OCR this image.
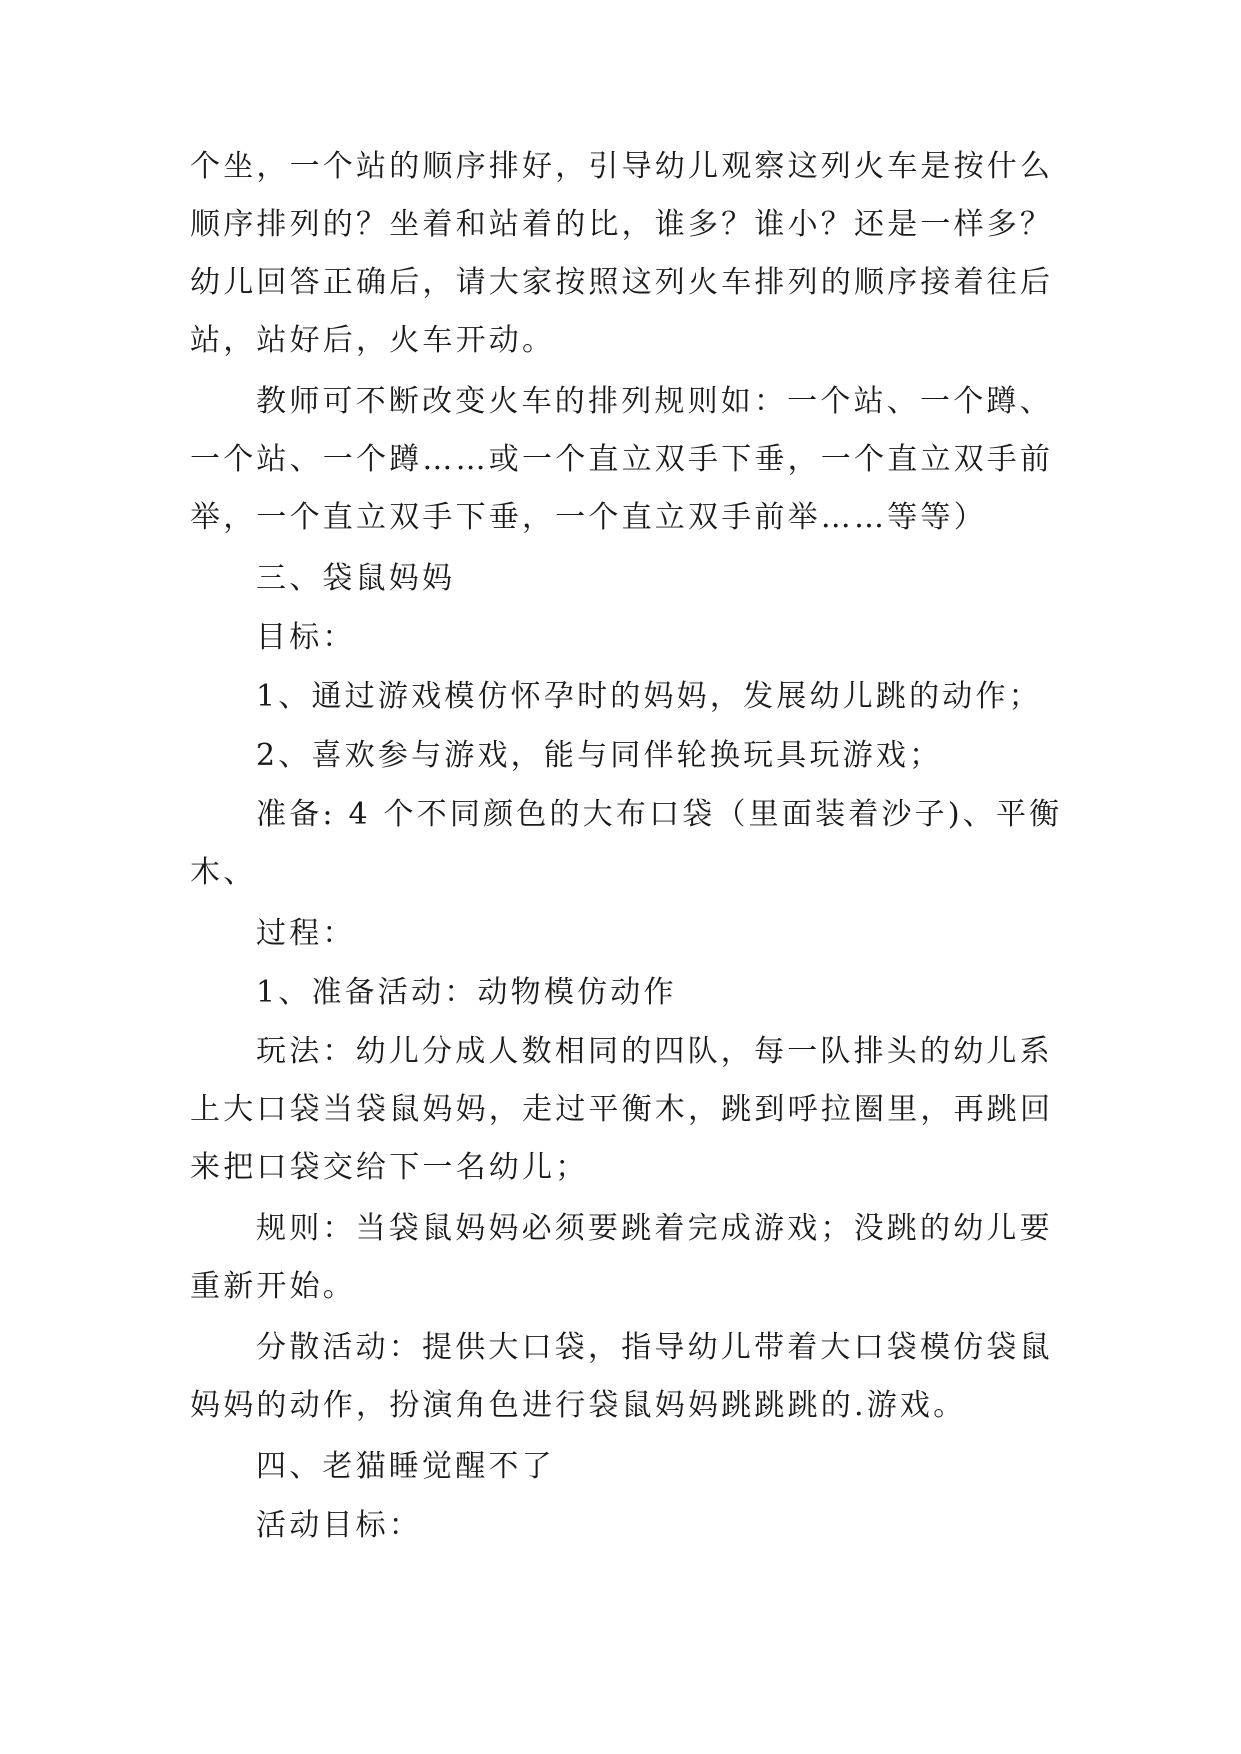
个坐，一个站的顺序排好，引导幼儿观察这列火车是按什么
顺序排列的？坐着和站着的比，谁多？谁小？还是一样多？
幼儿回答正确后，请大家按照这列火车排列的顺序接着往后
站，站好后，火车开动。
教师可不断改变火车的排列规则如：一个站、一个蹲、
一个站、一个蹲……或一个直立双手下垂，一个直立双手前
举，一个直立双手下垂，一个直立双手前举……等等）
三、袋鼠妈妈
目标：
1、通过游戏模仿怀孕时的妈妈，发展幼儿跳的动作；
2、喜欢参与游戏，能与同伴轮换玩具玩游戏；
准备: 4 个不同颜色的大布口袋（里面装着沙子)、平衡
木、
过程：
1、准备活动：动物模仿动作
玩法：幼儿分成人数相同的四队，每一队排头的幼儿系
上大口袋当袋鼠妈妈，走过平衡木，跳到呼拉圈里，再跳回
来把口袋交给下一名幼儿；
规则：当袋鼠妈妈必须要跳着完成游戏；没跳的幼儿要
重新开始。
分散活动：提供大口袋，指导幼儿带着大口袋模仿袋鼠
妈妈的动作，扮演角色进行袋鼠妈妈跳跳跳的.游戏。
四、老猫睡觉醒不了
活动目标：
